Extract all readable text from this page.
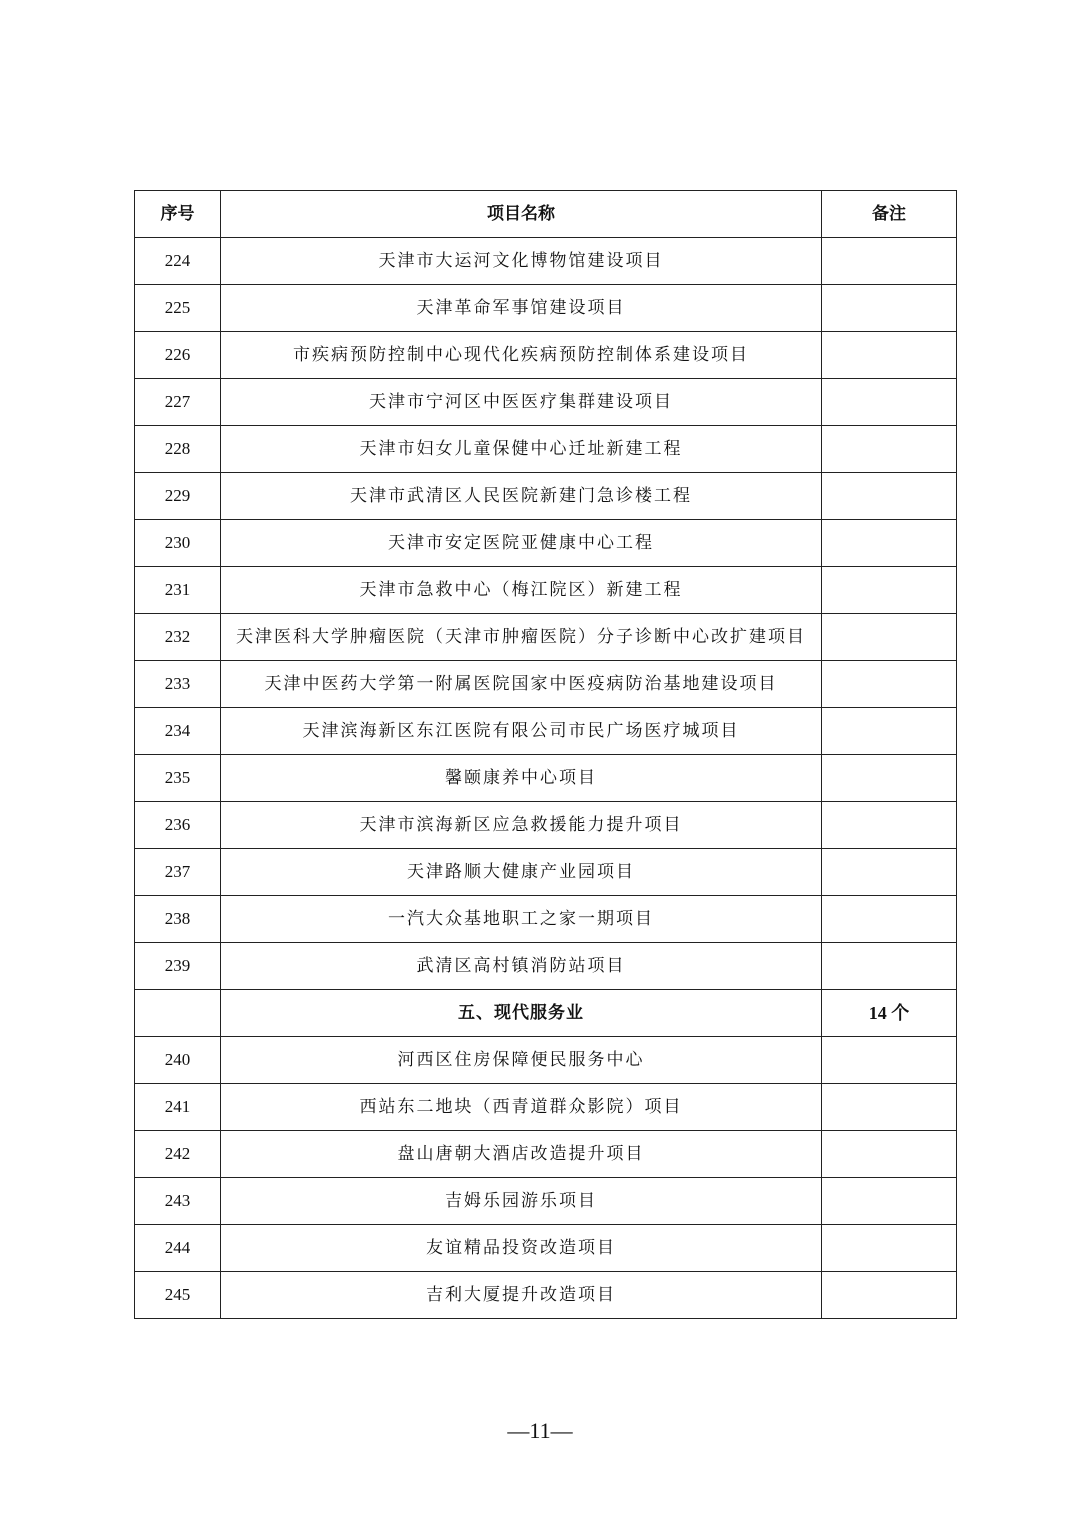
序号	项目名称	备注
224	天津市大运河文化博物馆建设项目	
225	天津革命军事馆建设项目	
226	市疾病预防控制中心现代化疾病预防控制体系建设项目	
227	天津市宁河区中医医疗集群建设项目	
228	天津市妇女儿童保健中心迁址新建工程	
229	天津市武清区人民医院新建门急诊楼工程	
230	天津市安定医院亚健康中心工程	
231	天津市急救中心（梅江院区）新建工程	
232	天津医科大学肿瘤医院（天津市肿瘤医院）分子诊断中心改扩建项目	
233	天津中医药大学第一附属医院国家中医疫病防治基地建设项目	
234	天津滨海新区东江医院有限公司市民广场医疗城项目	
235	馨颐康养中心项目	
236	天津市滨海新区应急救援能力提升项目	
237	天津路顺大健康产业园项目	
238	一汽大众基地职工之家一期项目	
239	武清区高村镇消防站项目	
	五、现代服务业	14 个
240	河西区住房保障便民服务中心	
241	西站东二地块（西青道群众影院）项目	
242	盘山唐朝大酒店改造提升项目	
243	吉姆乐园游乐项目	
244	友谊精品投资改造项目	
245	吉利大厦提升改造项目	
—11—
